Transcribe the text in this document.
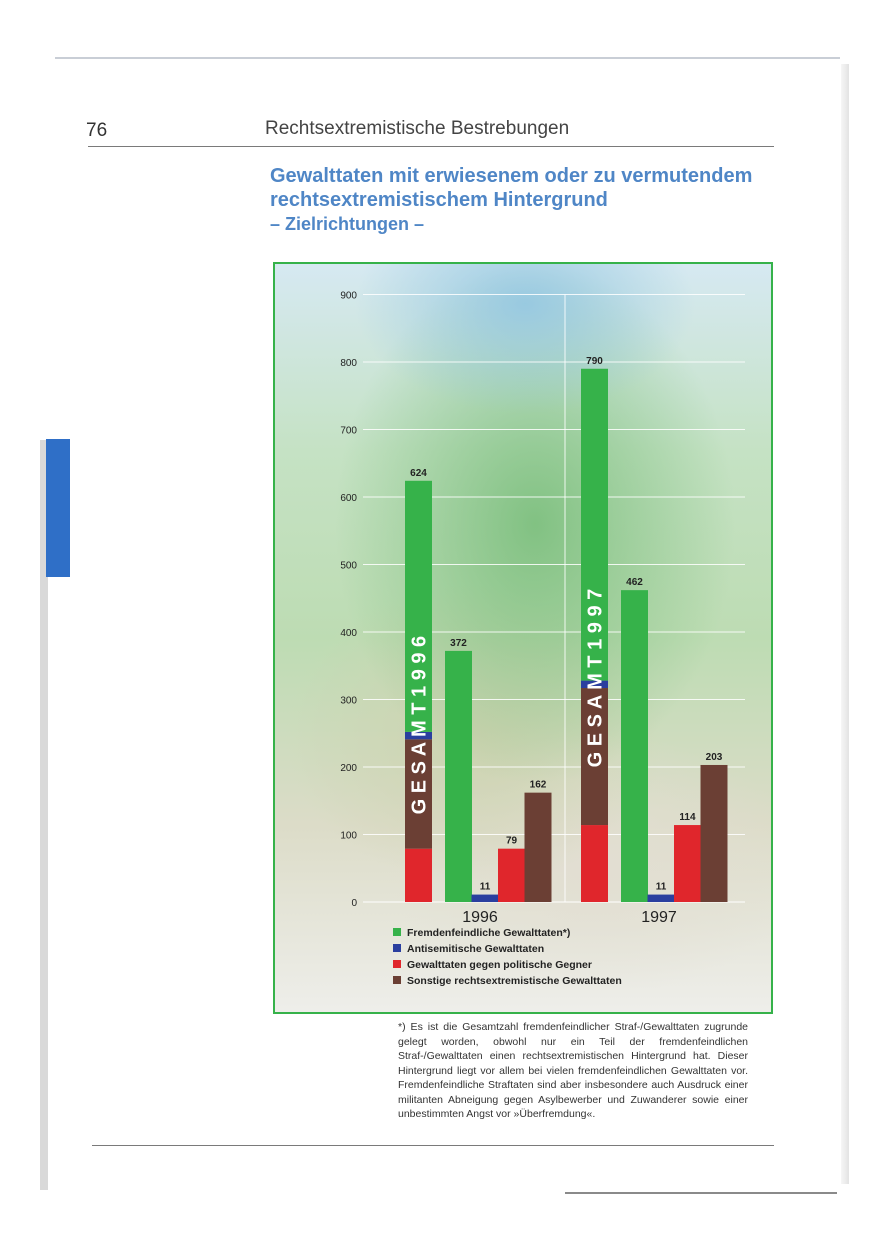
76	Rechtsextremistische Bestrebungen
Gewalttaten mit erwiesenem oder zu vermutendem rechtsextremistischem Hintergrund
– Zielrichtungen –
0
100
200
300
400
500
600
700
800
900
624
G E S A M T 1 9 9 6 372
11
79
162
1996
790
G E S A M T 1 9 9 7
462
11
114
203
1997
Fremdenfeindliche Gewalttaten*)
Antisemitische Gewalttaten
Gewalttaten gegen politische Gegner
Sonstige rechtsextremistische Gewalttaten
*) Es ist die Gesamtzahl fremdenfeindlicher Straf-/Gewalttaten zugrunde gelegt worden, obwohl nur ein Teil der fremdenfeindlichen Straf-/Gewalttaten einen rechtsextremistischen Hintergrund hat. Dieser Hintergrund liegt vor allem bei vielen fremdenfeindlichen Gewalttaten vor. Fremdenfeindliche Straftaten sind aber insbesondere auch Ausdruck einer militanten Abneigung gegen Asylbewerber und Zuwanderer sowie einer unbestimmten Angst vor »Überfremdung«.
